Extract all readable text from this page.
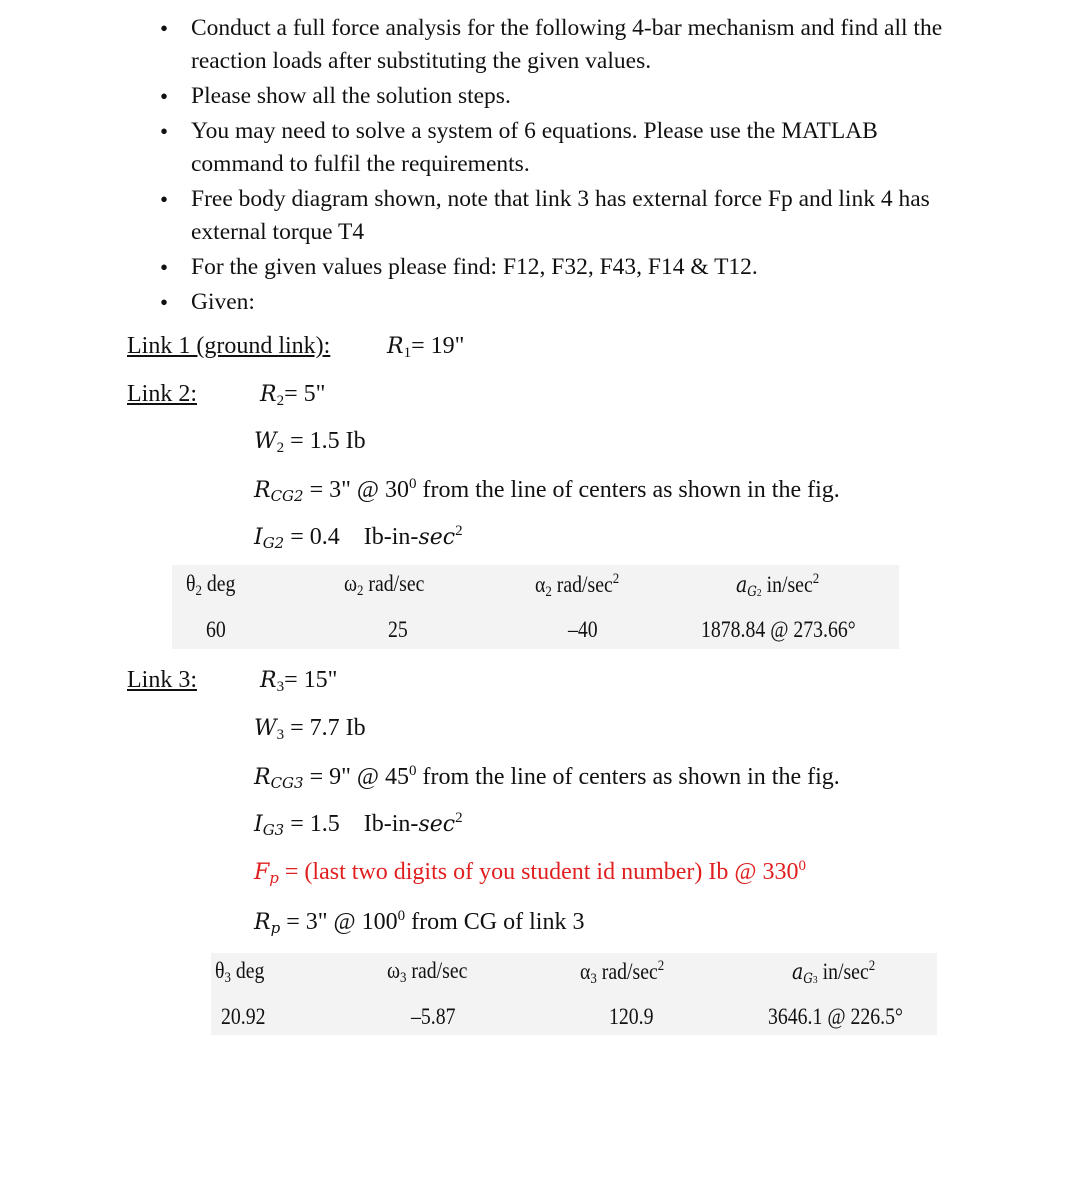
• Conduct a full force analysis for the following 4-bar mechanism and find all the reaction loads after substituting the given values.
• Please show all the solution steps.
• You may need to solve a system of 6 equations. Please use the MATLAB command to fulfil the requirements.
• Free body diagram shown, note that link 3 has external force Fp and link 4 has external torque T4
• For the given values please find: F12, F32, F43, F14 & T12.
• Given:
Link 1 (ground link):	$R_1= 19$"
Link 2:	$R_2= 5$"
$W_2 = 1.5$ Ib
$R_{CG2} = 3$" @ $30^0$ from the line of centers as shown in the fig.
$I_{G2} = 0.4$ $Ib-in-\sec^2$
$\theta_2$ deg	$\omega_2$ rad/sec	$\alpha_2$ rad/$\sec^2$	$a_{G2}$ $in/\sec^2$
60	25	–40	1878.84 @ 273.66°
Link 3:	$R_3= 15$"
$W_3 = 7.7$ Ib
$R_{CG3} = 9$" @ $45^0$ from the line of centers as shown in the fig.
$I_{G3} = 1.5$ $Ib-in-\sec^2$
$F_p$ = (last two digits of you student id number) Ib @ $330^0$
$R_p = 3$" @ $100^0$ from CG of link 3
$\theta_3$ deg	$\omega_3$ rad/sec	$\alpha_3$ rad/$\sec^2$	$a_{G3}$ $in/\sec^2$
20.92	–5.87	120.9	3646.1 @ 226.5°
